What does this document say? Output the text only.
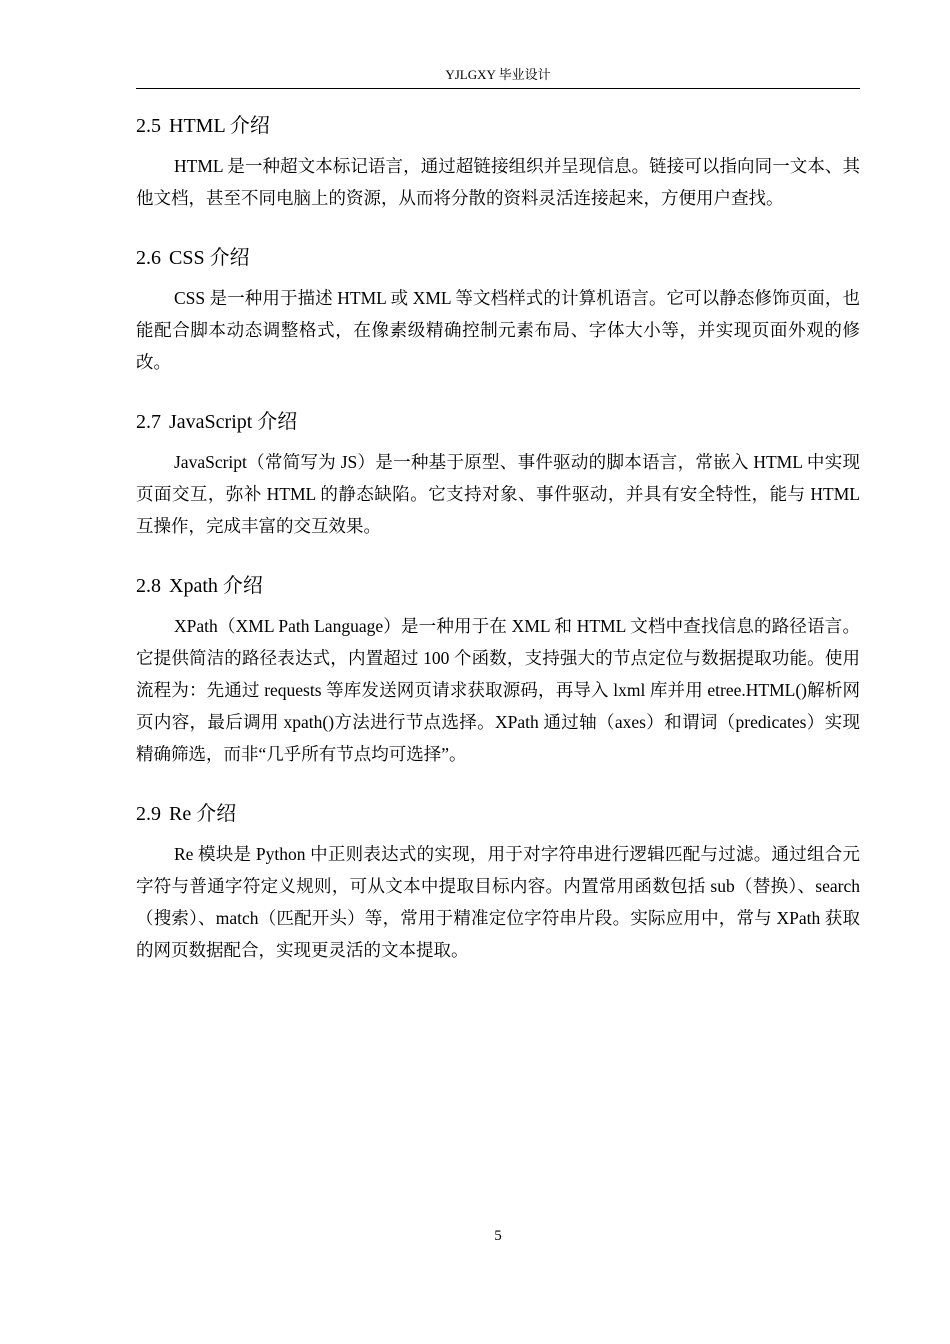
YJLGXY 毕业设计
2.5 HTML 介绍

HTML 是一种超文本标记语言，通过超链接组织并呈现信息。链接可以指向同一文本、其他文档，甚至不同电脑上的资源，从而将分散的资料灵活连接起来，方便用户查找。

2.6 CSS 介绍

CSS 是一种用于描述 HTML 或 XML 等文档样式的计算机语言。它可以静态修饰页面，也能配合脚本动态调整格式，在像素级精确控制元素布局、字体大小等，并实现页面外观的修改。

2.7 JavaScript 介绍

JavaScript（常简写为 JS）是一种基于原型、事件驱动的脚本语言，常嵌入 HTML 中实现页面交互，弥补 HTML 的静态缺陷。它支持对象、事件驱动，并具有安全特性，能与 HTML 互操作，完成丰富的交互效果。

2.8 Xpath 介绍

XPath（XML Path Language）是一种用于在 XML 和 HTML 文档中查找信息的路径语言。它提供简洁的路径表达式，内置超过 100 个函数，支持强大的节点定位与数据提取功能。使用流程为：先通过 requests 等库发送网页请求获取源码，再导入 lxml 库并用 etree.HTML()解析网页内容，最后调用 xpath()方法进行节点选择。XPath 通过轴（axes）和谓词（predicates）实现精确筛选，而非“几乎所有节点均可选择”。

2.9 Re 介绍

Re 模块是 Python 中正则表达式的实现，用于对字符串进行逻辑匹配与过滤。通过组合元字符与普通字符定义规则，可从文本中提取目标内容。内置常用函数包括 sub（替换）、search（搜索）、match（匹配开头）等，常用于精准定位字符串片段。实际应用中，常与 XPath 获取的网页数据配合，实现更灵活的文本提取。

5
